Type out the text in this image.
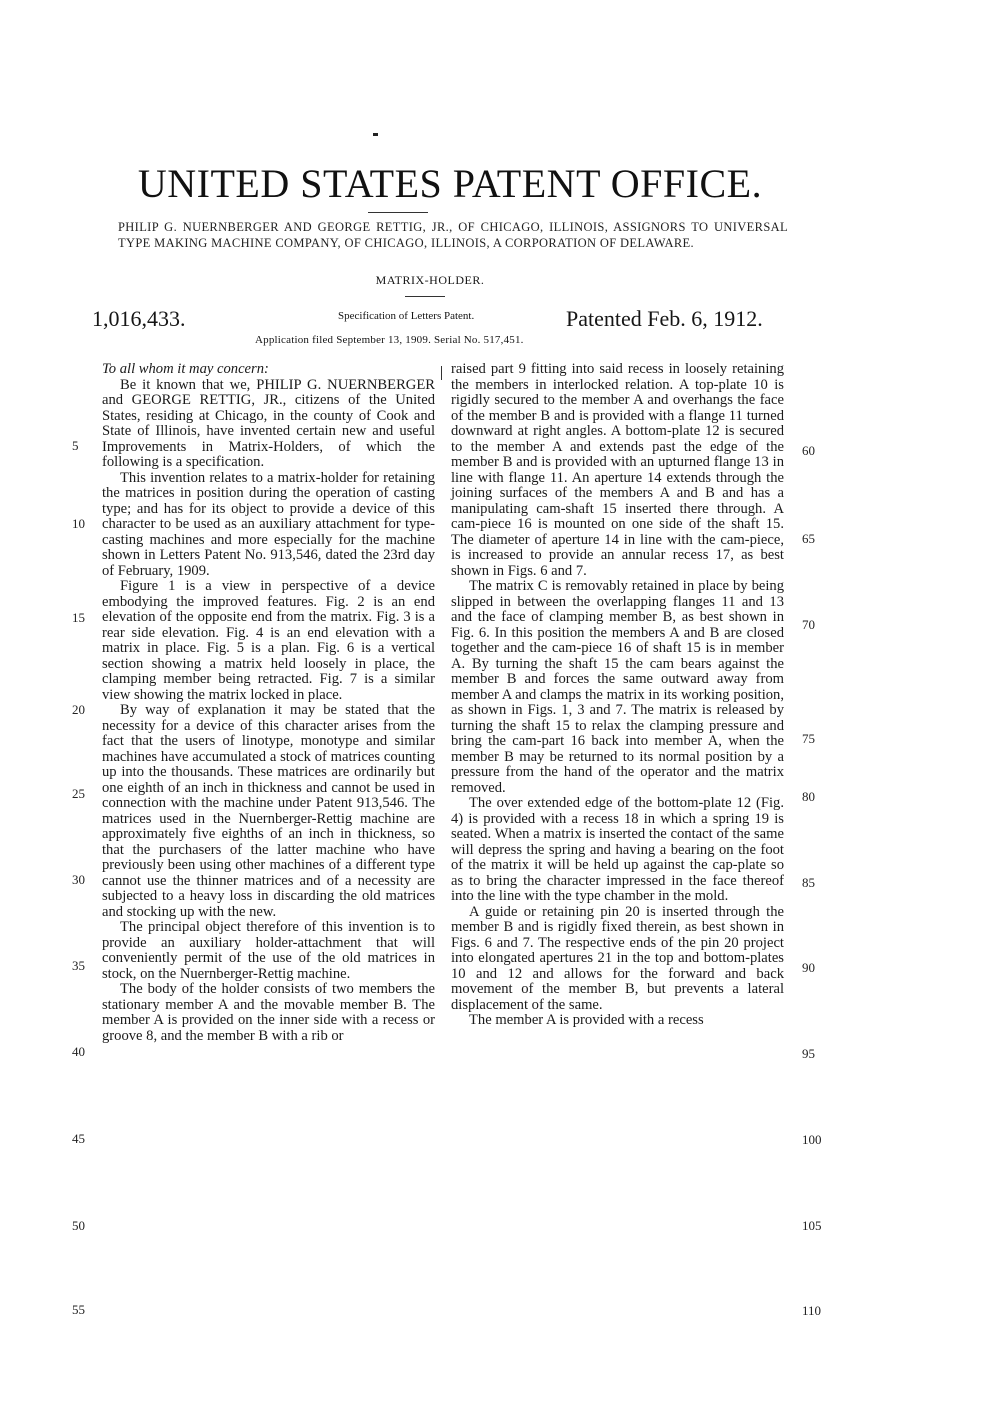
UNITED STATES PATENT OFFICE.
PHILIP G. NUERNBERGER AND GEORGE RETTIG, JR., OF CHICAGO, ILLINOIS, ASSIGNORS TO UNIVERSAL TYPE MAKING MACHINE COMPANY, OF CHICAGO, ILLINOIS, A CORPORATION OF DELAWARE.
MATRIX-HOLDER.
1,016,433.	Specification of Letters Patent.	Patented Feb. 6, 1912.
Application filed September 13, 1909. Serial No. 517,451.

To all whom it may concern:

Be it known that we, PHILIP G. NUERNBERGER and GEORGE RETTIG, JR., citizens of the United States, residing at Chicago, in the county of Cook and State of Illinois, have invented certain new and useful Improvements in Matrix-Holders, of which the following is a specification.

This invention relates to a matrix-holder for retaining the matrices in position during the operation of casting type; and has for its object to provide a device of this character to be used as an auxiliary attachment for type-casting machines and more especially for the machine shown in Letters Patent No. 913,546, dated the 23rd day of February, 1909.

Figure 1 is a view in perspective of a device embodying the improved features. Fig. 2 is an end elevation of the opposite end from the matrix. Fig. 3 is a rear side elevation. Fig. 4 is an end elevation with a matrix in place. Fig. 5 is a plan. Fig. 6 is a vertical section showing a matrix held loosely in place, the clamping member being retracted. Fig. 7 is a similar view showing the matrix locked in place.

By way of explanation it may be stated that the necessity for a device of this character arises from the fact that the users of linotype, monotype and similar machines have accumulated a stock of matrices counting up into the thousands. These matrices are ordinarily but one eighth of an inch in thickness and cannot be used in connection with the machine under Patent 913,546. The matrices used in the Nuernberger-Rettig machine are approximately five eighths of an inch in thickness, so that the purchasers of the latter machine who have previously been using other machines of a different type cannot use the thinner matrices and of a necessity are subjected to a heavy loss in discarding the old matrices and stocking up with the new.

The principal object therefore of this invention is to provide an auxiliary holder-attachment that will conveniently permit of the use of the old matrices in stock, on the Nuernberger-Rettig machine.

The body of the holder consists of two members the stationary member A and the movable member B. The member A is provided on the inner side with a recess or groove 8, and the member B with a rib or

raised part 9 fitting into said recess in loosely retaining the members in interlocked relation. A top-plate 10 is rigidly secured to the member A and overhangs the face of the member B and is provided with a flange 11 turned downward at right angles. A bottom-plate 12 is secured to the member A and extends past the edge of the member B and is provided with an upturned flange 13 in line with flange 11. An aperture 14 extends through the joining surfaces of the members A and B and has a manipulating cam-shaft 15 inserted there through. A cam-piece 16 is mounted on one side of the shaft 15. The diameter of aperture 14 in line with the cam-piece, is increased to provide an annular recess 17, as best shown in Figs. 6 and 7.

The matrix C is removably retained in place by being slipped in between the overlapping flanges 11 and 13 and the face of clamping member B, as best shown in Fig. 6. In this position the members A and B are closed together and the cam-piece 16 of shaft 15 is in member A. By turning the shaft 15 the cam bears against the member B and forces the same outward away from member A and clamps the matrix in its working position, as shown in Figs. 1, 3 and 7. The matrix is released by turning the shaft 15 to relax the clamping pressure and bring the cam-part 16 back into member A, when the member B may be returned to its normal position by a pressure from the hand of the operator and the matrix removed.

The over extended edge of the bottom-plate 12 (Fig. 4) is provided with a recess 18 in which a spring 19 is seated. When a matrix is inserted the contact of the same will depress the spring and having a bearing on the foot of the matrix it will be held up against the cap-plate so as to bring the character impressed in the face thereof into the line with the type chamber in the mold.

A guide or retaining pin 20 is inserted through the member B and is rigidly fixed therein, as best shown in Figs. 6 and 7. The respective ends of the pin 20 project into elongated apertures 21 in the top and bottom-plates 10 and 12 and allows for the forward and back movement of the member B, but prevents a lateral displacement of the same.

The member A is provided with a recess

5
10
15
20
25
30
35
40
45
50
55
60
65
70
75
80
85
90
95
100
105
110
